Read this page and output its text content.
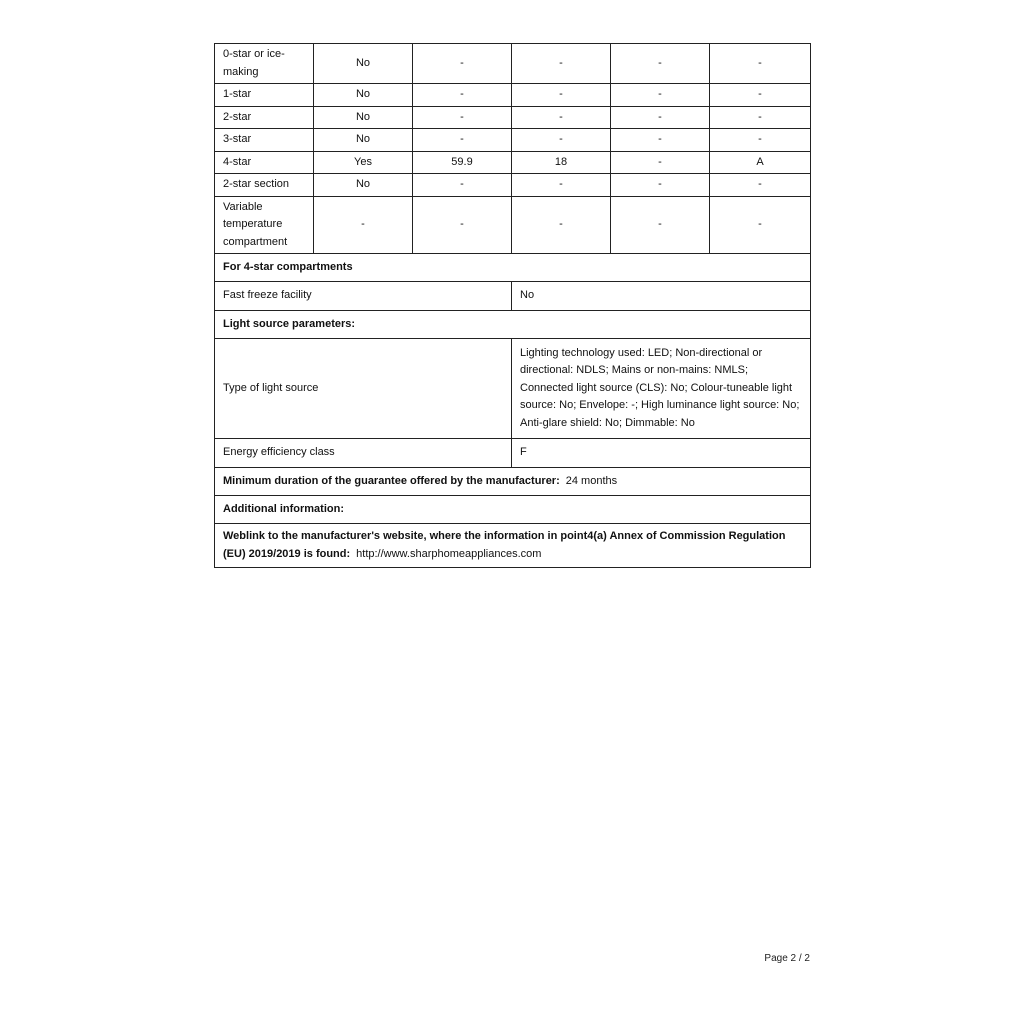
0-star or ice-making	No	-	-	-	-
1-star	No	-	-	-	-
2-star	No	-	-	-	-
3-star	No	-	-	-	-
4-star	Yes	59.9	18	-	A
2-star section	No	-	-	-	-
Variable temperature compartment	-	-	-	-	-
For 4-star compartments					
Fast freeze facility			No		
Light source parameters:					
Type of light source			Lighting technology used: LED; Non-directional or directional: NDLS; Mains or non-mains: NMLS; Connected light source (CLS): No; Colour-tuneable light source: No; Envelope: -; High luminance light source: No; Anti-glare shield: No; Dimmable: No		
Energy efficiency class			F		
Minimum duration of the guarantee offered by the manufacturer: 24 months					
Additional information:					
Weblink to the manufacturer's website, where the information in point4(a) Annex of Commission Regulation (EU) 2019/2019 is found: http://www.sharphomeappliances.com					
Page 2 / 2
